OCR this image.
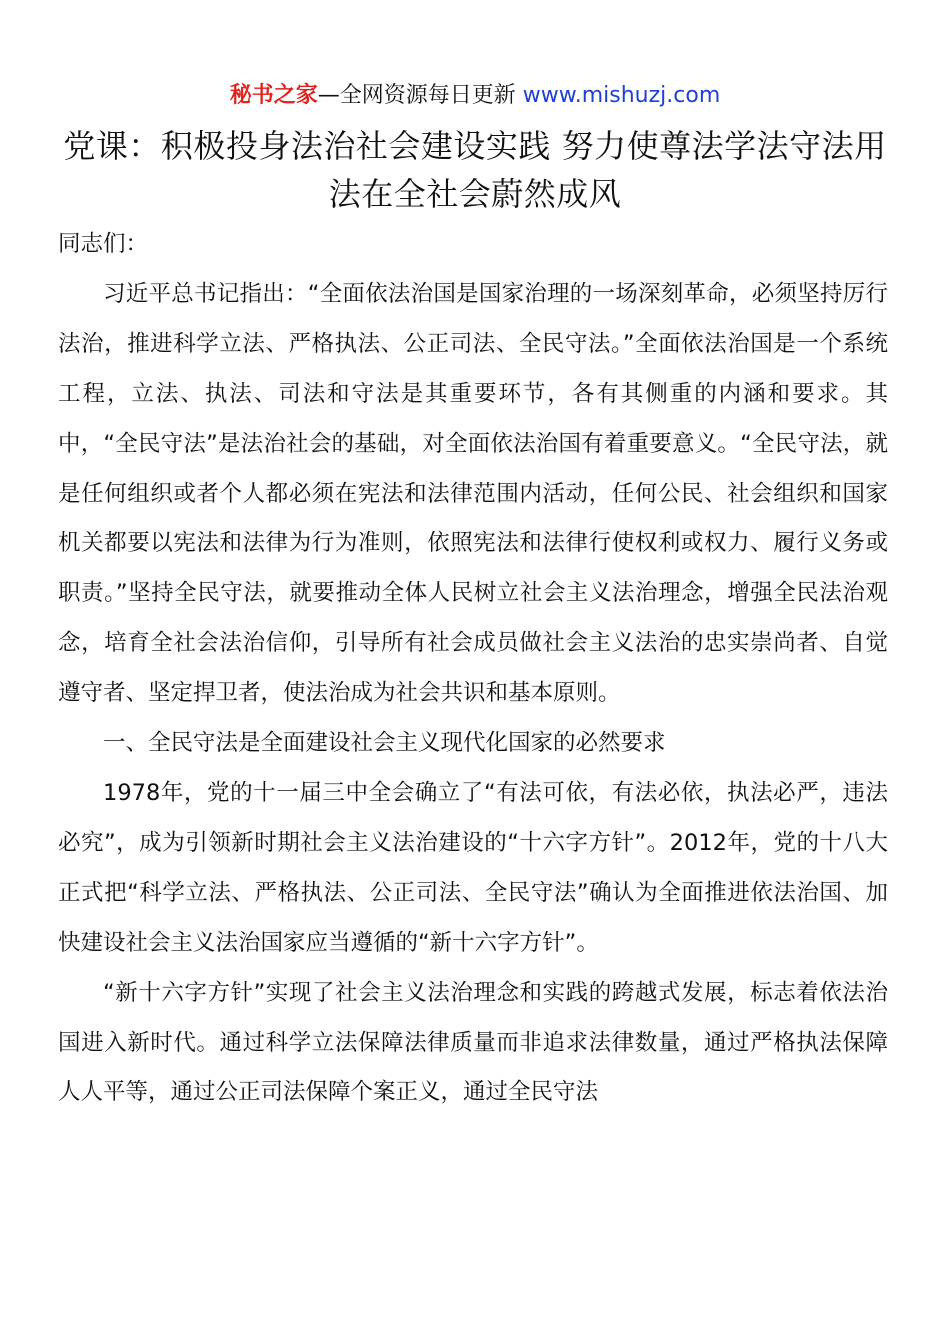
秘书之家—全网资源每日更新 www.mishuzj.com
党课：积极投身法治社会建设实践 努力使尊法学法守法用法在全社会蔚然成风

同志们：

习近平总书记指出：“全面依法治国是国家治理的一场深刻革命，必须坚持厉行法治，推进科学立法、严格执法、公正司法、全民守法。”全面依法治国是一个系统工程，立法、执法、司法和守法是其重要环节，各有其侧重的内涵和要求。其中，“全民守法”是法治社会的基础，对全面依法治国有着重要意义。“全民守法，就是任何组织或者个人都必须在宪法和法律范围内活动，任何公民、社会组织和国家机关都要以宪法和法律为行为准则，依照宪法和法律行使权利或权力、履行义务或职责。”坚持全民守法，就要推动全体人民树立社会主义法治理念，增强全民法治观念，培育全社会法治信仰，引导所有社会成员做社会主义法治的忠实崇尚者、自觉遵守者、坚定捍卫者，使法治成为社会共识和基本原则。

一、全民守法是全面建设社会主义现代化国家的必然要求

1978年，党的十一届三中全会确立了“有法可依，有法必依，执法必严，违法必究”，成为引领新时期社会主义法治建设的“十六字方针”。2012年，党的十八大正式把“科学立法、严格执法、公正司法、全民守法”确认为全面推进依法治国、加快建设社会主义法治国家应当遵循的“新十六字方针”。

“新十六字方针”实现了社会主义法治理念和实践的跨越式发展，标志着依法治国进入新时代。通过科学立法保障法律质量而非追求法律数量，通过严格执法保障人人平等，通过公正司法保障个案正义，通过全民守法
